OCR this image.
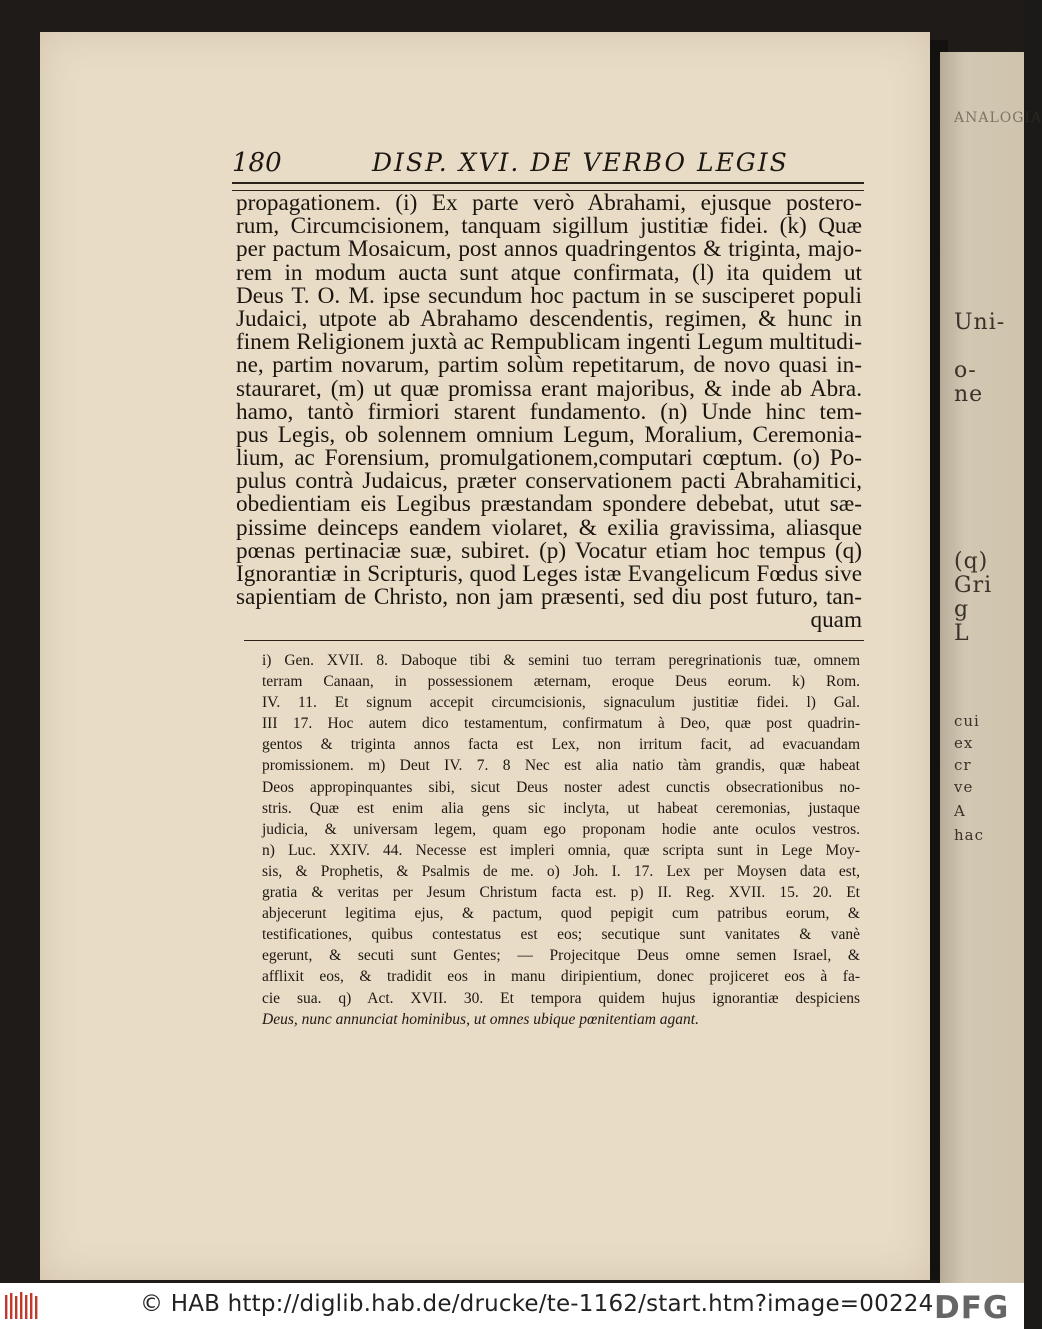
ANALOGIA
Uni-
o-
ne
(q)
Gri
g
L
cui
ex
cr
ve
A
hac
180	DISP. XVI. DE VERBO LEGIS
propagationem. (i) Ex parte verò Abrahami, ejusque postero-
rum, Circumcisionem, tanquam sigillum justitiæ fidei. (k) Quæ
per pactum Mosaicum, post annos quadringentos & triginta, majo-
rem in modum aucta sunt atque confirmata, (l) ita quidem ut
Deus T. O. M. ipse secundum hoc pactum in se susciperet populi
Judaici, utpote ab Abrahamo descendentis, regimen, & hunc in
finem Religionem juxtà ac Rempublicam ingenti Legum multitudi-
ne, partim novarum, partim solùm repetitarum, de novo quasi in-
stauraret, (m) ut quæ promissa erant majoribus, & inde ab Abra.
hamo, tantò firmiori starent fundamento. (n) Unde hinc tem-
pus Legis, ob solennem omnium Legum, Moralium, Ceremonia-
lium, ac Forensium, promulgationem,computari cœptum. (o) Po-
pulus contrà Judaicus, præter conservationem pacti Abrahamitici,
obedientiam eis Legibus præstandam spondere debebat, utut sæ-
pissime deinceps eandem violaret, & exilia gravissima, aliasque
pœnas pertinaciæ suæ, subiret. (p) Vocatur etiam hoc tempus (q)
Ignorantiæ in Scripturis, quod Leges istæ Evangelicum Fœdus sive
sapientiam de Christo, non jam præsenti, sed diu post futuro, tan-
quam
i) Gen. XVII. 8. Daboque tibi & semini tuo terram peregrinationis tuæ, omnem
terram Canaan, in possessionem æternam, eroque Deus eorum. k) Rom.
IV. 11. Et signum accepit circumcisionis, signaculum justitiæ fidei. l) Gal.
III 17. Hoc autem dico testamentum, confirmatum à Deo, quæ post quadrin-
gentos & triginta annos facta est Lex, non irritum facit, ad evacuandam
promissionem. m) Deut IV. 7. 8 Nec est alia natio tàm grandis, quæ habeat
Deos appropinquantes sibi, sicut Deus noster adest cunctis obsecrationibus no-
stris. Quæ est enim alia gens sic inclyta, ut habeat ceremonias, justaque
judicia, & universam legem, quam ego proponam hodie ante oculos vestros.
n) Luc. XXIV. 44. Necesse est impleri omnia, quæ scripta sunt in Lege Moy-
sis, & Prophetis, & Psalmis de me. o) Joh. I. 17. Lex per Moysen data est,
gratia & veritas per Jesum Christum facta est. p) II. Reg. XVII. 15. 20. Et
abjecerunt legitima ejus, & pactum, quod pepigit cum patribus eorum, &
testificationes, quibus contestatus est eos; secutique sunt vanitates & vanè
egerunt, & secuti sunt Gentes; — Projecitque Deus omne semen Israel, &
afflixit eos, & tradidit eos in manu diripientium, donec projiceret eos à fa-
cie sua. q) Act. XVII. 30. Et tempora quidem hujus ignorantiæ despiciens
Deus, nunc annunciat hominibus, ut omnes ubique pœnitentiam agant.
© HAB http://diglib.hab.de/drucke/te-1162/start.htm?image=00224 DFG
